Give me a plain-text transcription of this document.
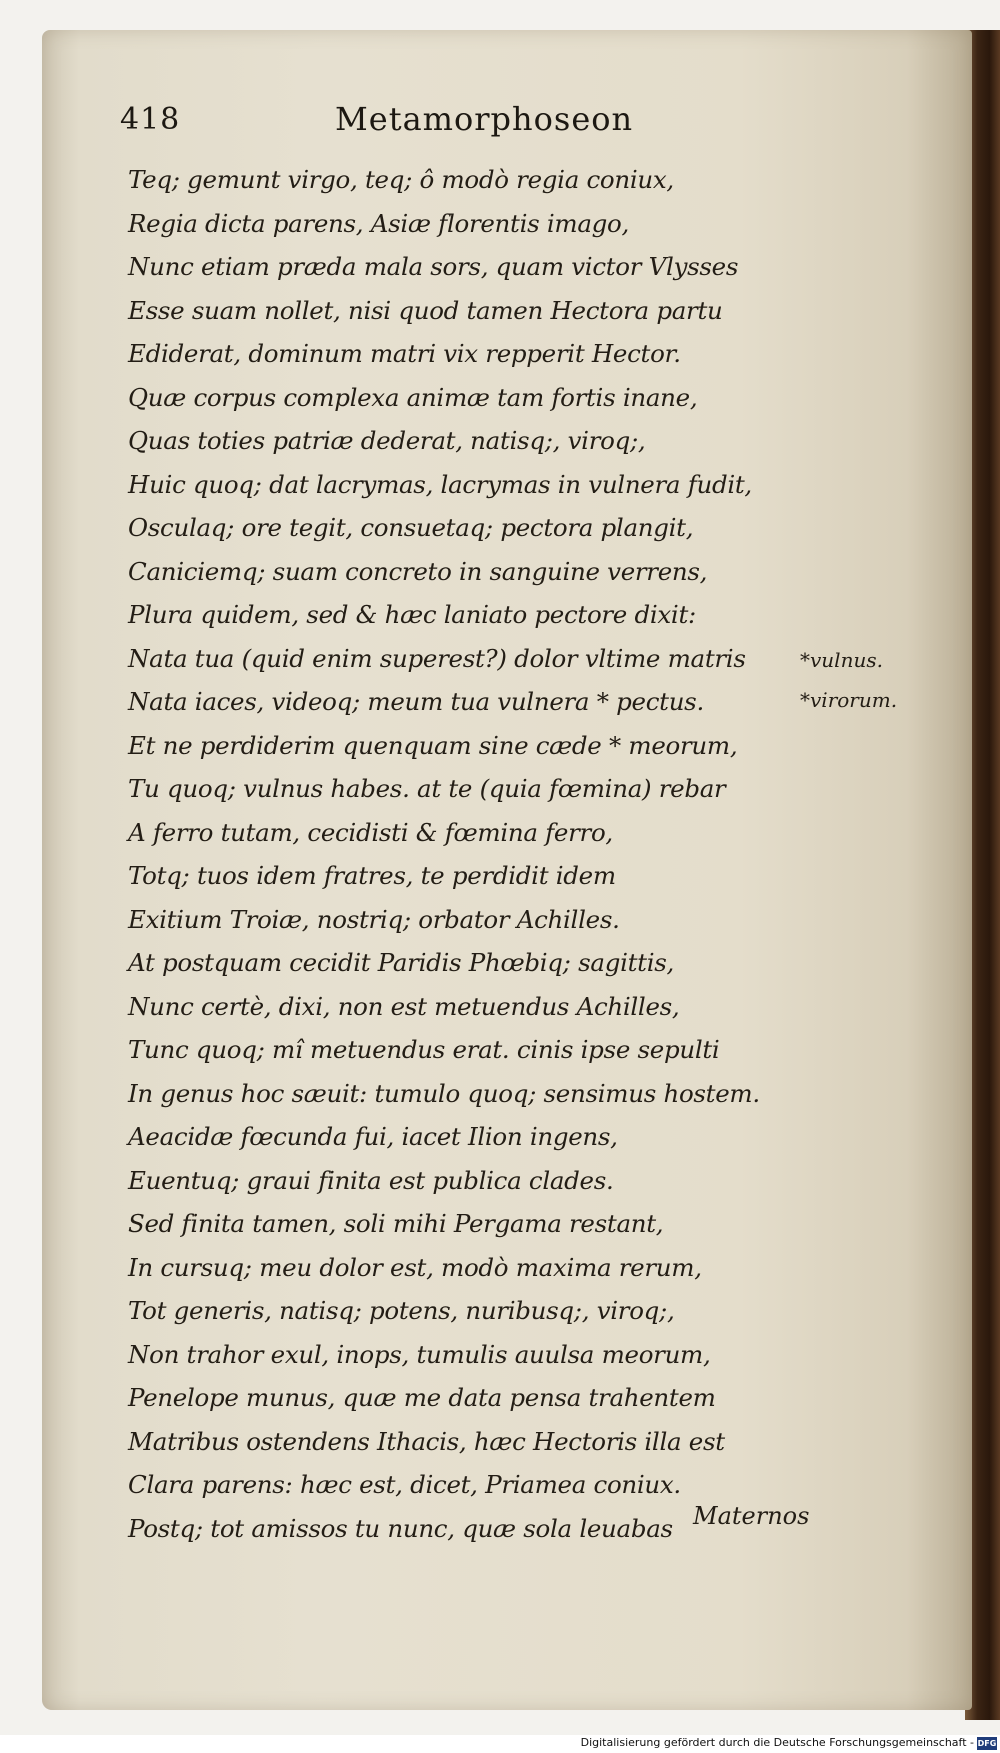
418	Metamorphoseon
Teq; gemunt virgo, teq; ô modò regia coniux,
Regia dicta parens, Asiæ florentis imago,
Nunc etiam præda mala sors, quam victor Vlysses
Esse suam nollet, nisi quod tamen Hectora partu
Ediderat, dominum matri vix repperit Hector.
Quæ corpus complexa animæ tam fortis inane,
Quas toties patriæ dederat, natisq;, viroq;,
Huic quoq; dat lacrymas, lacrymas in vulnera fudit,
Osculaq; ore tegit, consuetaq; pectora plangit,
Caniciemq; suam concreto in sanguine verrens,
Plura quidem, sed & hæc laniato pectore dixit:
Nata tua (quid enim superest?) dolor vltime matris
Nata iaces, videoq; meum tua vulnera * pectus.
Et ne perdiderim quenquam sine cæde * meorum,
Tu quoq; vulnus habes. at te (quia fœmina) rebar
A ferro tutam, cecidisti & fœmina ferro,
Totq; tuos idem fratres, te perdidit idem
Exitium Troiæ, nostriq; orbator Achilles.
At postquam cecidit Paridis Phœbiq; sagittis,
Nunc certè, dixi, non est metuendus Achilles,
Tunc quoq; mî metuendus erat. cinis ipse sepulti
In genus hoc sæuit: tumulo quoq; sensimus hostem.
Aeacidæ fœcunda fui, iacet Ilion ingens,
Euentuq; graui finita est publica clades.
Sed finita tamen, soli mihi Pergama restant,
In cursuq; meu dolor est, modò maxima rerum,
Tot generis, natisq; potens, nuribusq;, viroq;,
Non trahor exul, inops, tumulis auulsa meorum,
Penelope munus, quæ me data pensa trahentem
Matribus ostendens Ithacis, hæc Hectoris illa est
Clara parens: hæc est, dicet, Priamea coniux.
Postq; tot amissos tu nunc, quæ sola leuabas
*vulnus.
*virorum.
Maternos
Digitalisierung gefördert durch die Deutsche Forschungsgemeinschaft - DFG
